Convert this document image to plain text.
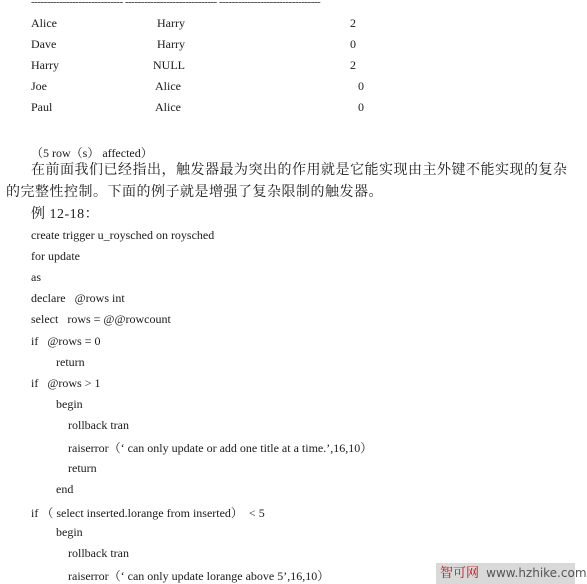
----------------------------- ----------------------------- --------------------------------
Alice	Harry	2
Dave	Harry	0
Harry	NULL	2
Joe	Alice	0
Paul	Alice	0
（5 row（s） affected）
在前面我们已经指出，触发器最为突出的作用就是它能实现由主外键不能实现的复杂
的完整性控制。下面的例子就是增强了复杂限制的触发器。
例 12-18：
create trigger u_roysched on roysched
for update
as
declare   @rows int
select   rows = @@rowcount
if   @rows = 0
return
if   @rows > 1
begin
rollback tran
raiserror（‘ can only update or add one title at a time.’,16,10）
return
end
if （ select inserted.lorange from inserted）  < 5
begin
rollback tran
raiserror（‘ can only update lorange above 5’,16,10）	智可网 www.hzhike.com
